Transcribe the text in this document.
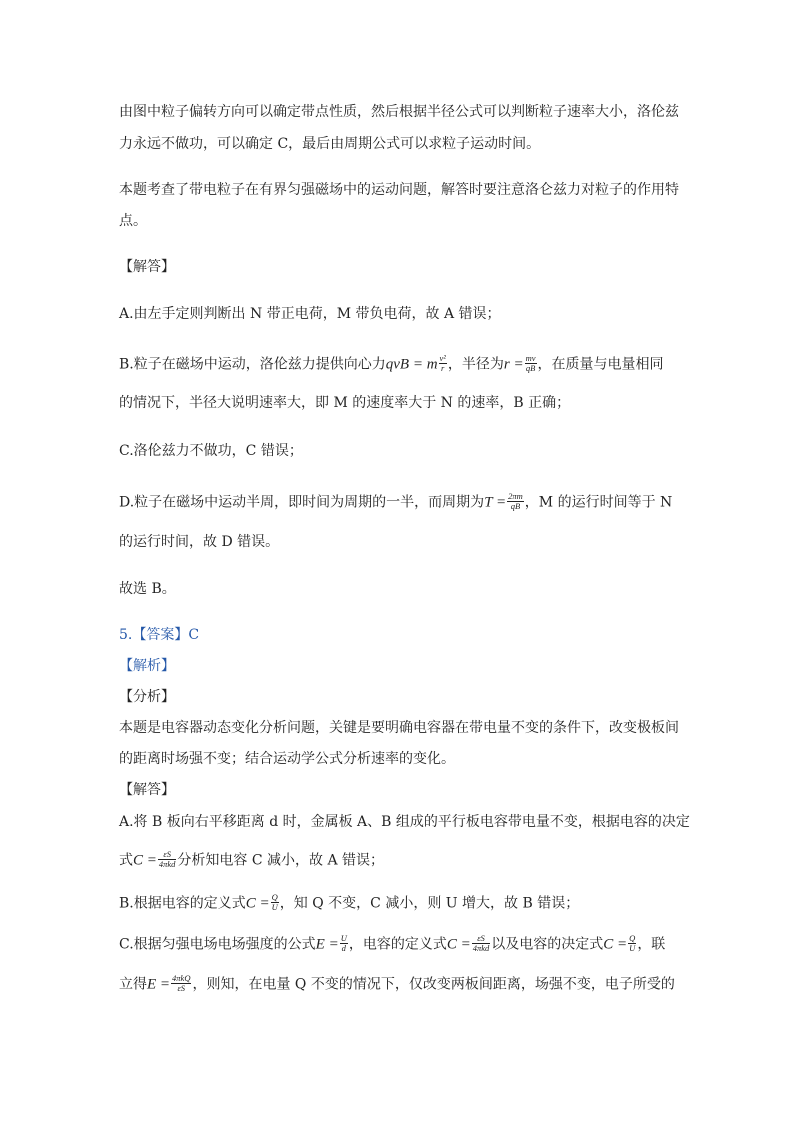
由图中粒子偏转方向可以确定带点性质，然后根据半径公式可以判断粒子速率大小，洛伦兹
力永远不做功，可以确定 C，最后由周期公式可以求粒子运动时间。
本题考查了带电粒子在有界匀强磁场中的运动问题，解答时要注意洛仑兹力对粒子的作用特
点。
【解答】
A.由左手定则判断出 N 带正电荷，M 带负电荷，故 A 错误；
B.粒子在磁场中运动，洛伦兹力提供向心力qvB = m $\frac{\text{v²}}{r}$ ，半径为$r = \frac{mv}{qB}$ ，在质量与电量相同
的情况下，半径大说明速率大，即 M 的速度率大于 N 的速率，B 正确；
C.洛伦兹力不做功，C 错误；
D.粒子在磁场中运动半周，即时间为周期的一半，而周期为$T = \frac{2\pi m}{qB}$ ，M 的运行时间等于 N
的运行时间，故 D 错误。
故选 B。
5.【答案】C
【解析】
【分析】
本题是电容器动态变化分析问题，关键是要明确电容器在带电量不变的条件下，改变极板间
的距离时场强不变；结合运动学公式分析速率的变化。
【解答】
A.将 B 板向右平移距离 d 时，金属板 A、B 组成的平行板电容带电量不变，根据电容的决定
式$C = \frac{\varepsilon S}{\text{4πkd}}$ 分析知电容 C 减小，故 A 错误；
B.根据电容的定义式$C = \frac{Q}{U}$ ，知 Q 不变，C 减小，则 U 增大，故 B 错误；
C.根据匀强电场电场强度的公式$E = \frac{U}{d}$ ，电容的定义式$C = \frac{\varepsilon S}{\text{4πkd}}$ 以及电容的决定式$C = \frac{Q}{U}$ ，联
立得$E = \frac{\text{4πkQ}}{\varepsilon S}$ ，则知，在电量 Q 不变的情况下，仅改变两板间距离，场强不变，电子所受的
